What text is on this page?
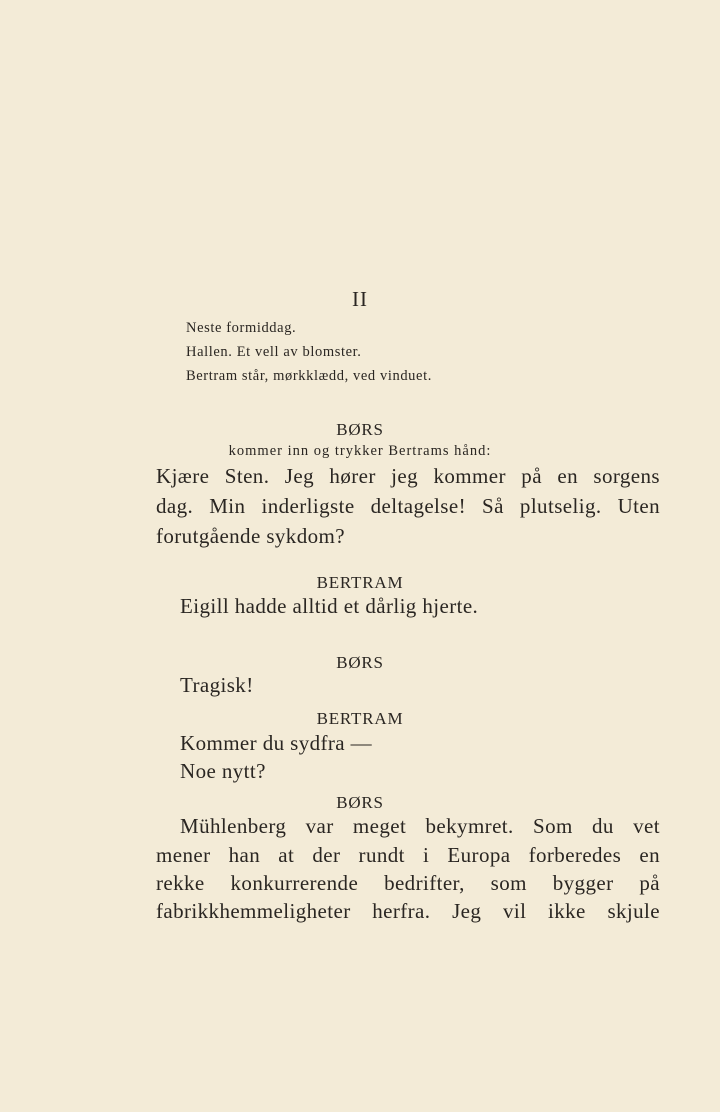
II
Neste formiddag.
Hallen. Et vell av blomster.
Bertram står, mørkklædd, ved vinduet.
BØRS
kommer inn og trykker Bertrams hånd:
Kjære Sten. Jeg hører jeg kommer på en sorgens
dag. Min inderligste deltagelse! Så plutselig. Uten
forutgående sykdom?
BERTRAM
Eigill hadde alltid et dårlig hjerte.
BØRS
Tragisk!
BERTRAM
Kommer du sydfra —
Noe nytt?
BØRS
Mühlenberg var meget bekymret. Som du vet
mener han at der rundt i Europa forberedes en
rekke konkurrerende bedrifter, som bygger på
fabrikkhemmeligheter herfra. Jeg vil ikke skjule
